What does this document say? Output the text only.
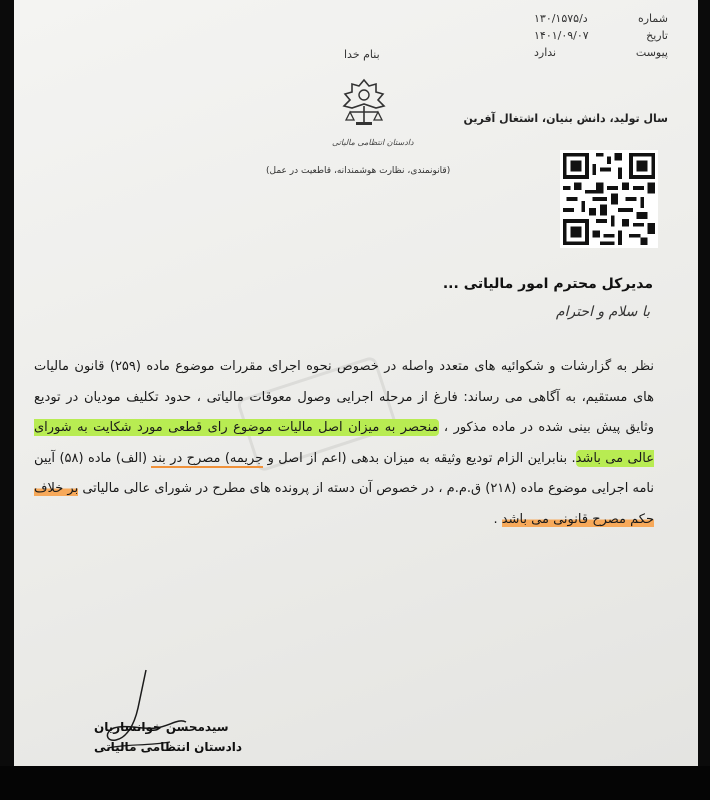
شماره
۱۳۰/۱۵۷۵/د
تاریخ
۱۴۰۱/۰۹/۰۷
پیوست
ندارد
سال تولید، دانش بنیان، اشتغال آفرین
بنام خدا
دادستان انتظامی مالیاتی
(قانونمندی، نظارت هوشمندانه، قاطعیت در عمل)
مدیرکل محترم امور مالیاتی ...
با سلام و احترام
نظر به گزارشات و شکوائیه های متعدد واصله در خصوص نحوه اجرای مقررات موضوع ماده (۲۵۹) قانون مالیات های مستقیم، به آگاهی می رساند: فارغ از مرحله اجرایی وصول معوقات مالیاتی ، حدود تکلیف مودیان در تودیع وثایق پیش بینی شده در ماده مذکور ، منحصر به میزان اصل مالیات موضوع رای قطعی مورد شکایت به شورای عالی می باشد. بنابراین الزام تودیع وثیقه به میزان بدهی (اعم از اصل و جریمه) مصرح در بند (الف) ماده (۵۸) آیین نامه اجرایی موضوع ماده (۲۱۸) ق.م.م ، در خصوص آن دسته از پرونده های مطرح در شورای عالی مالیاتی بر خلاف حکم مصرح قانونی می باشد .
سیدمحسن خوانساریان
دادستان انتظامی مالیاتی
